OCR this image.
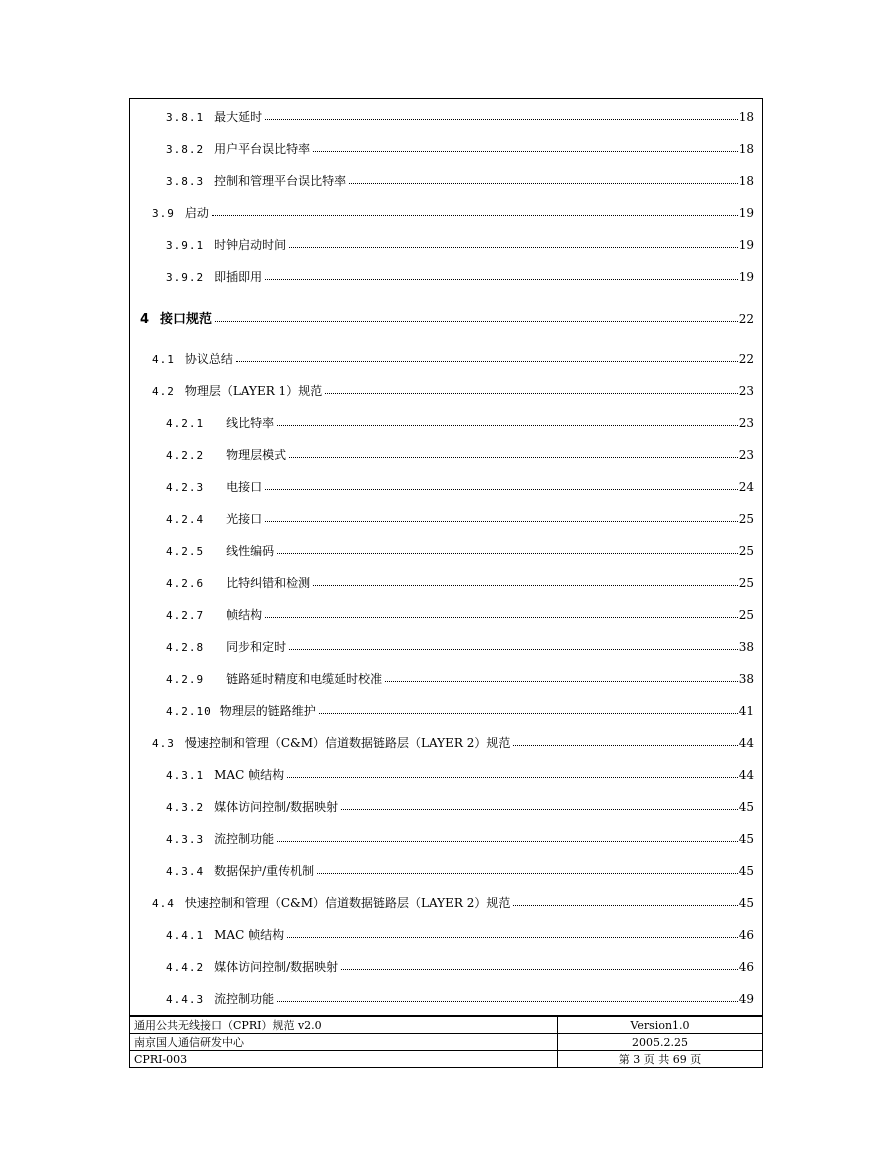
3.8.1 最大延时	18
3.8.2 用户平台误比特率	18
3.8.3 控制和管理平台误比特率	18
3.9 启动	19
3.9.1 时钟启动时间	19
3.9.2 即插即用	19
4 接口规范	22
4.1 协议总结	22
4.2 物理层（LAYER 1）规范	23
4.2.1 线比特率	23
4.2.2 物理层模式	23
4.2.3 电接口	24
4.2.4 光接口	25
4.2.5 线性编码	25
4.2.6 比特纠错和检测	25
4.2.7 帧结构	25
4.2.8 同步和定时	38
4.2.9 链路延时精度和电缆延时校准	38
4.2.10 物理层的链路维护	41
4.3 慢速控制和管理（C&M）信道数据链路层（LAYER 2）规范	44
4.3.1 MAC 帧结构	44
4.3.2 媒体访问控制/数据映射	45
4.3.3 流控制功能	45
4.3.4 数据保护/重传机制	45
4.4 快速控制和管理（C&M）信道数据链路层（LAYER 2）规范	45
4.4.1 MAC 帧结构	46
4.4.2 媒体访问控制/数据映射	46
4.4.3 流控制功能	49
通用公共无线接口（CPRI）规范 v2.0	Version1.0
南京国人通信研发中心	2005.2.25
CPRI-003	第 3 页 共 69 页
